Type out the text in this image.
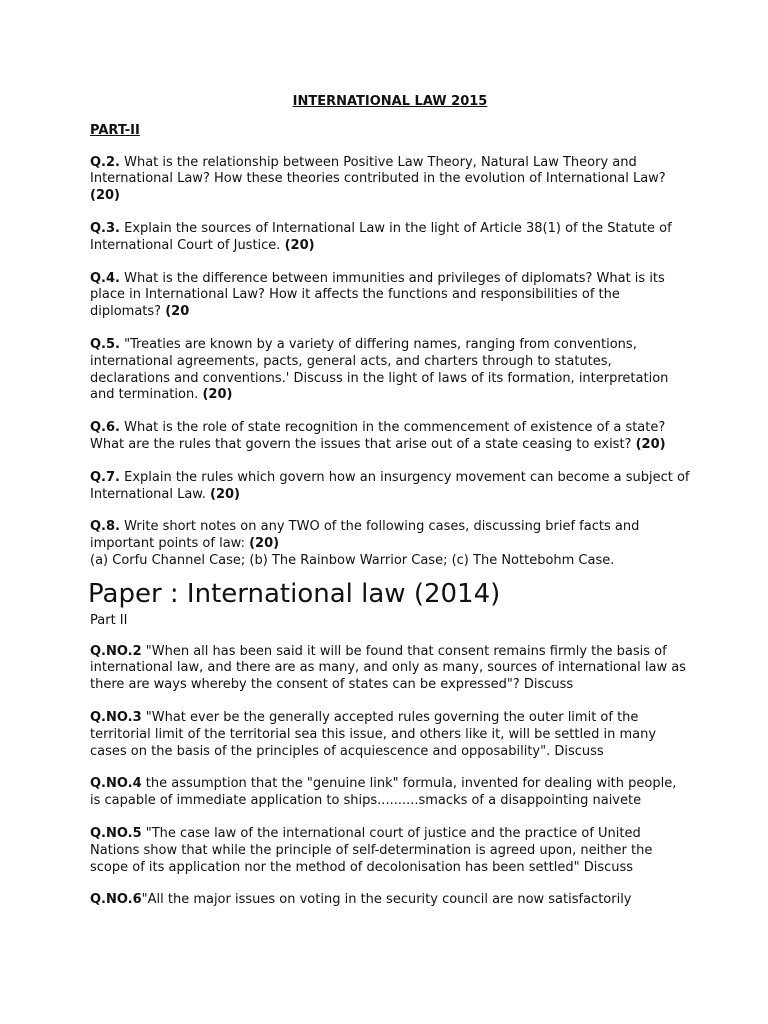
INTERNATIONAL LAW 2015
PART-II
Q.2. What is the relationship between Positive Law Theory, Natural Law Theory and International Law? How these theories contributed in the evolution of International Law? (20)
Q.3. Explain the sources of International Law in the light of Article 38(1) of the Statute of International Court of Justice. (20)
Q.4. What is the difference between immunities and privileges of diplomats? What is its place in International Law? How it affects the functions and responsibilities of the diplomats? (20
Q.5. "Treaties are known by a variety of differing names, ranging from conventions, international agreements, pacts, general acts, and charters through to statutes, declarations and conventions.' Discuss in the light of laws of its formation, interpretation and termination. (20)
Q.6. What is the role of state recognition in the commencement of existence of a state? What are the rules that govern the issues that arise out of a state ceasing to exist? (20)
Q.7. Explain the rules which govern how an insurgency movement can become a subject of International Law. (20)
Q.8. Write short notes on any TWO of the following cases, discussing brief facts and important points of law: (20)
(a) Corfu Channel Case; (b) The Rainbow Warrior Case; (c) The Nottebohm Case.
Paper : International law (2014)
Part II
Q.NO.2 "When all has been said it will be found that consent remains firmly the basis of international law, and there are as many, and only as many, sources of international law as there are ways whereby the consent of states can be expressed"? Discuss
Q.NO.3 "What ever be the generally accepted rules governing the outer limit of the territorial limit of the territorial sea this issue, and others like it, will be settled in many cases on the basis of the principles of acquiescence and opposability". Discuss
Q.NO.4 the assumption that the "genuine link" formula, invented for dealing with people, is capable of immediate application to ships..........smacks of a disappointing naivete
Q.NO.5 "The case law of the international court of justice and the practice of United Nations show that while the principle of self-determination is agreed upon, neither the scope of its application nor the method of decolonisation has been settled" Discuss
Q.NO.6"All the major issues on voting in the security council are now satisfactorily
